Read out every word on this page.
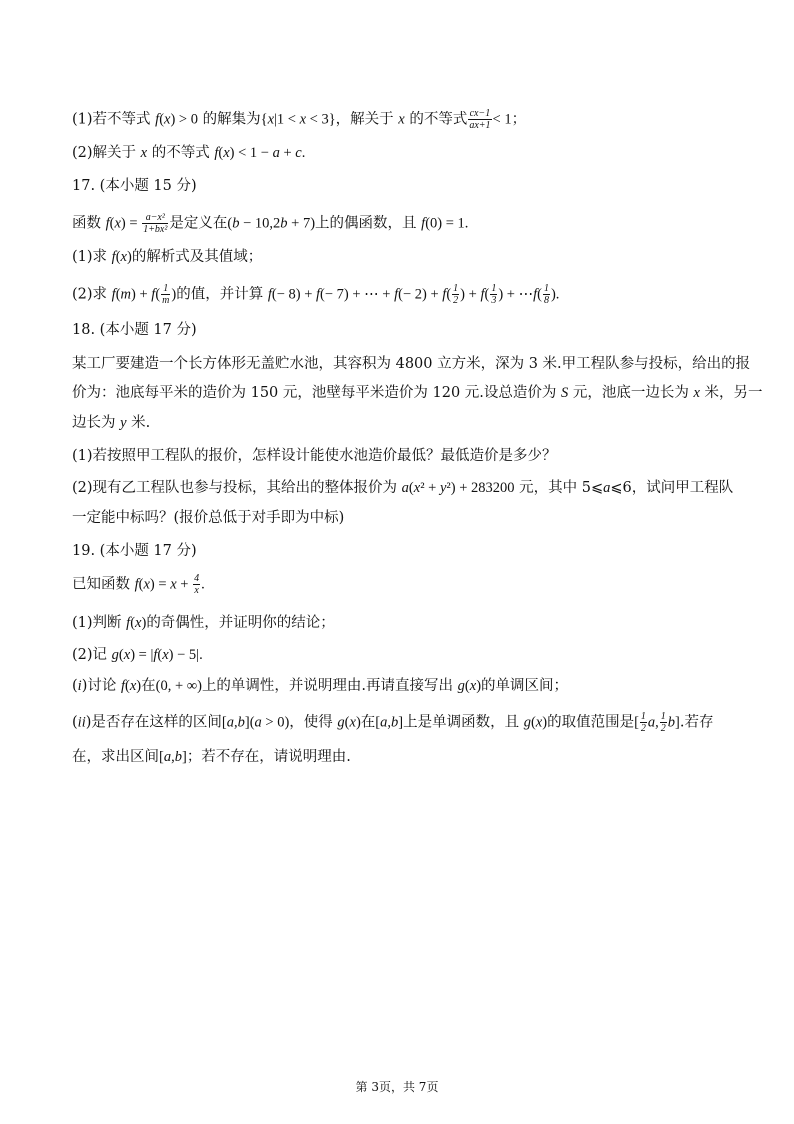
(1)若不等式 f(x) > 0 的解集为{x|1 < x < 3}，解关于 x 的不等式 $\frac{cx-1}{ax+1} < 1$；
(2)解关于 x 的不等式 f(x) < 1 − a + c.
17. (本小题 15 分)
函数 $f(x) = \frac{\text{a−x²}}{\text{1+bx²}}$ 是定义在(b − 10,2b + 7)上的偶函数，且 f(0) = 1.
(1)求 f(x)的解析式及其值域；
(2)求 $f(m) + f( \frac{1}{m}$ )的值，并计算 f(− 8) + f(− 7) + ⋯ + $f(- 2) + f( \frac{1}{2}$ ) + $f( \frac{1}{3}$ ) + ⋯f( $\frac{1}{8}$ ).
18. (本小题 17 分)
某工厂要建造一个长方体形无盖贮水池，其容积为 4800 立方米，深为 3 米.甲工程队参与投标，给出的报
价为：池底每平米的造价为 150 元，池壁每平米造价为 120 元.设总造价为 S 元，池底一边长为 x 米，另一
边长为 y 米.
(1)若按照甲工程队的报价，怎样设计能使水池造价最低？最低造价是多少？
(2)现有乙工程队也参与投标，其给出的整体报价为 a(x² + y²) + 283200 元，其中 5⩽a⩽6，试问甲工程队
一定能中标吗？(报价总低于对手即为中标)
19. (本小题 17 分)
已知函数 $f(x) = x + \frac{4}{x}$ .
(1)判断 f(x)的奇偶性，并证明你的结论；
(2)记 g(x) = |f(x) − 5|.
(i)讨论 f(x)在(0, + ∞)上的单调性，并说明理由.再请直接写出 g(x)的单调区间；
(ii)是否存在这样的区间[a,b](a > 0)，使得 g(x)在[a,b]上是单调函数，且 g(x)的取值范围是[ $\frac{1}{2} a$, $\frac{1}{2} b$].若存
在，求出区间[a,b]；若不存在，请说明理由.
第 3页，共 7页
